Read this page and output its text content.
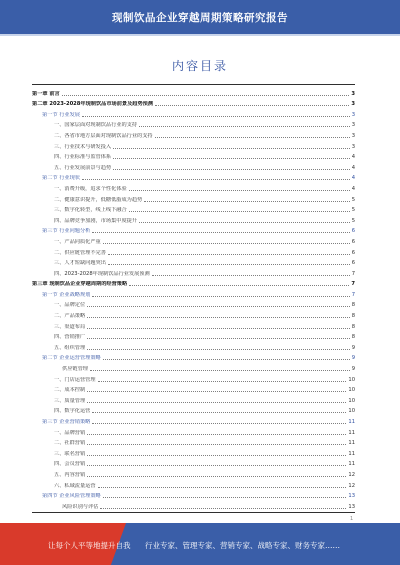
现制饮品企业穿越周期策略研究报告
内容目录
第一章 前言	3
第二章 2023-2028年现制饮品市场前景及趋势预测	3
第一节 行业发展	3
一、国家层面对现制饮品行业的支持	3
二、各省市地方层面对现制饮品行业的支持	3
三、行业技术与研发投入	3
四、行业标准与监管体系	4
五、行业发展前景与趋势	4
第二节 行业现状	4
一、消费升级，追求个性化体验	4
二、健康意识提升，低糖低脂成为趋势	5
三、数字化转型，线上线下融合	5
四、品牌竞争加剧，市场集中度提升	5
第三节 行业问题分析	6
一、产品同质化严重	6
二、供应链管理不完善	6
三、人才短缺问题突出	6
四、2023-2028年现制饮品行业发展预测	7
第三章 现制饮品企业穿越周期的经营策略	7
第一节 企业战略规划	7
一、品牌定位	8
二、产品策略	8
三、渠道布局	8
四、营销推广	8
五、组织管理	9
第二节 企业运营管理策略	9
供应链管理	9
一、门店运营管理	10
二、成本控制	10
三、质量管理	10
四、数字化运营	10
第三节 企业营销策略	11
一、品牌营销	11
二、社群营销	11
三、联名营销	11
四、会员营销	11
五、内容营销	12
六、私域流量运营	12
第四节 企业风险管理策略	13
风险识别与评估	13
1
让每个人平等地提升自我 行业专家、管理专家、营销专家、战略专家、财务专家……
